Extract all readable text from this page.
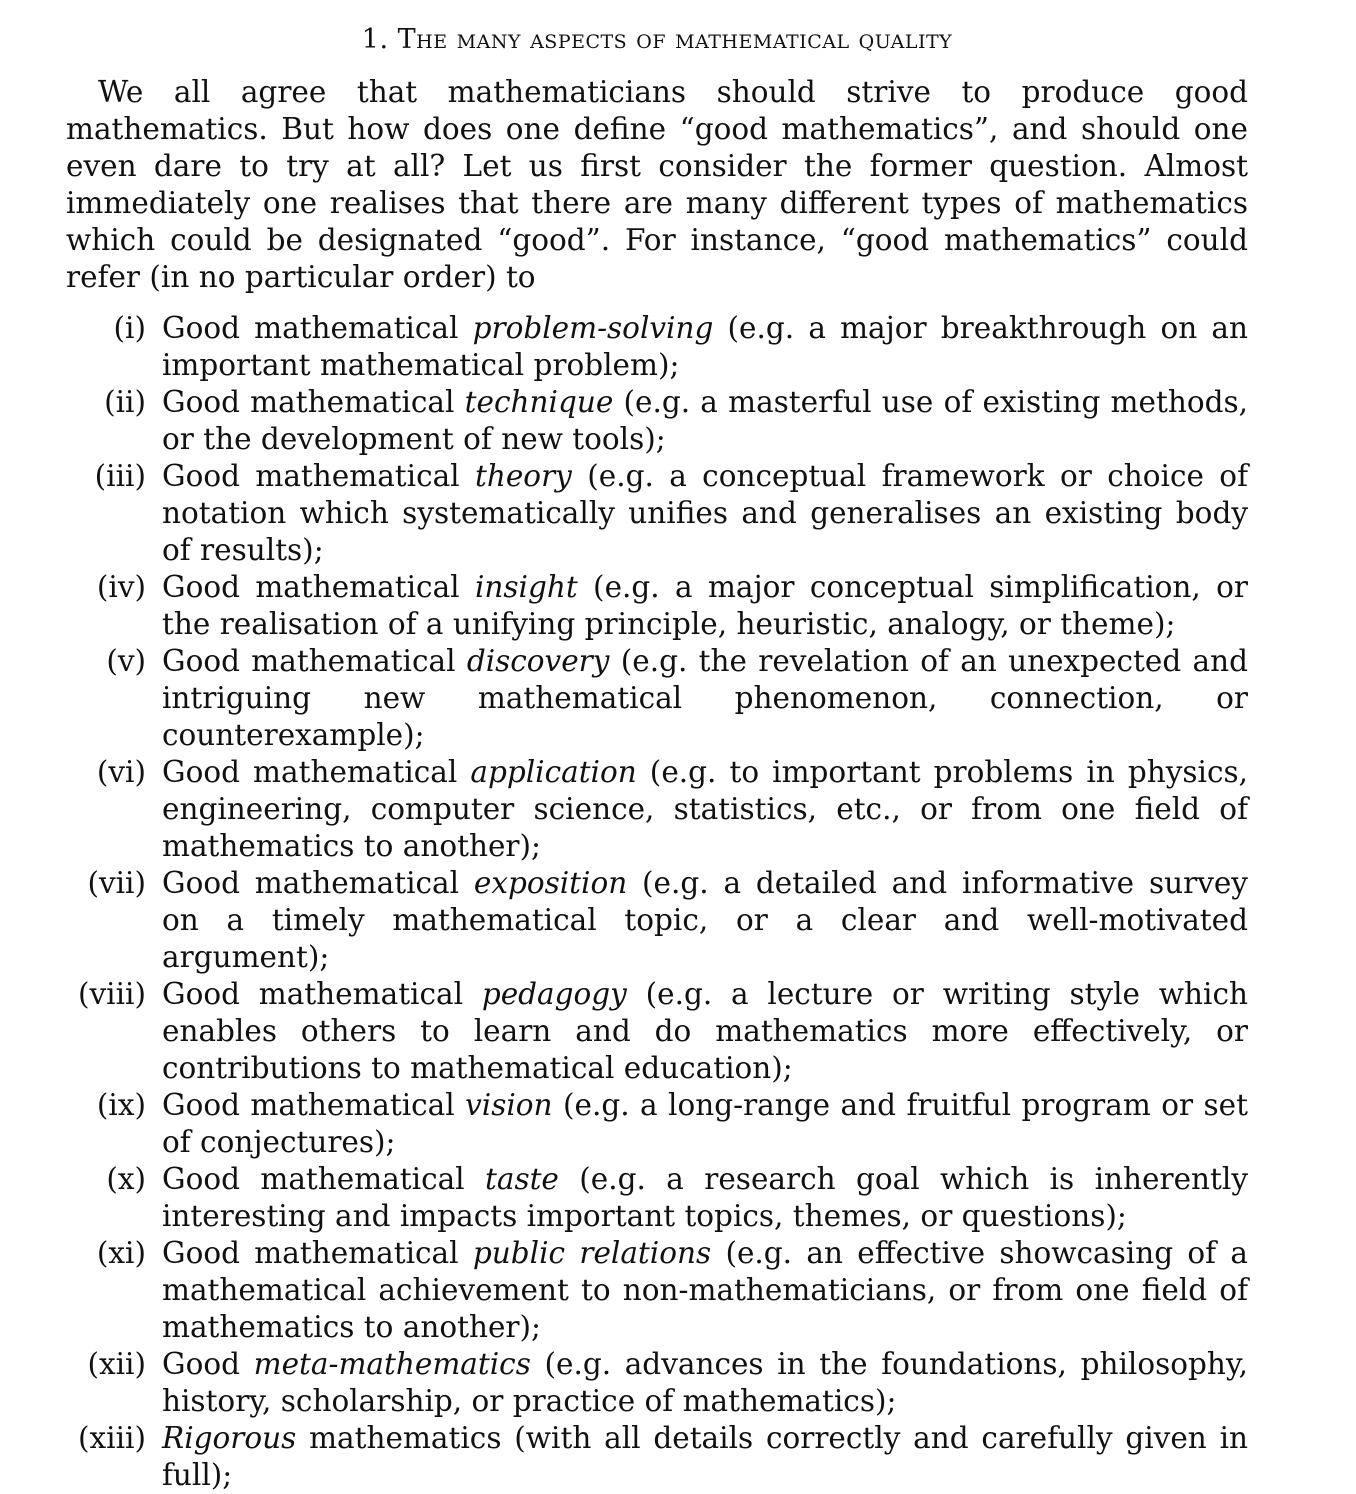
1. The many aspects of mathematical quality

We all agree that mathematicians should strive to produce good mathematics. But how does one define “good mathematics”, and should one even dare to try at all? Let us first consider the former question. Almost immediately one realises that there are many different types of mathematics which could be designated “good”. For instance, “good mathematics” could refer (in no particular order) to

(i) Good mathematical problem-solving (e.g. a major breakthrough on an important mathematical problem);
(ii) Good mathematical technique (e.g. a masterful use of existing methods, or the development of new tools);
(iii) Good mathematical theory (e.g. a conceptual framework or choice of notation which systematically unifies and generalises an existing body of results);
(iv) Good mathematical insight (e.g. a major conceptual simplification, or the realisation of a unifying principle, heuristic, analogy, or theme);
(v) Good mathematical discovery (e.g. the revelation of an unexpected and intriguing new mathematical phenomenon, connection, or counterexample);
(vi) Good mathematical application (e.g. to important problems in physics, engineering, computer science, statistics, etc., or from one field of mathematics to another);
(vii) Good mathematical exposition (e.g. a detailed and informative survey on a timely mathematical topic, or a clear and well-motivated argument);
(viii) Good mathematical pedagogy (e.g. a lecture or writing style which enables others to learn and do mathematics more effectively, or contributions to mathematical education);
(ix) Good mathematical vision (e.g. a long-range and fruitful program or set of conjectures);
(x) Good mathematical taste (e.g. a research goal which is inherently interesting and impacts important topics, themes, or questions);
(xi) Good mathematical public relations (e.g. an effective showcasing of a mathematical achievement to non-mathematicians, or from one field of mathematics to another);
(xii) Good meta-mathematics (e.g. advances in the foundations, philosophy, history, scholarship, or practice of mathematics);
(xiii) Rigorous mathematics (with all details correctly and carefully given in full);
